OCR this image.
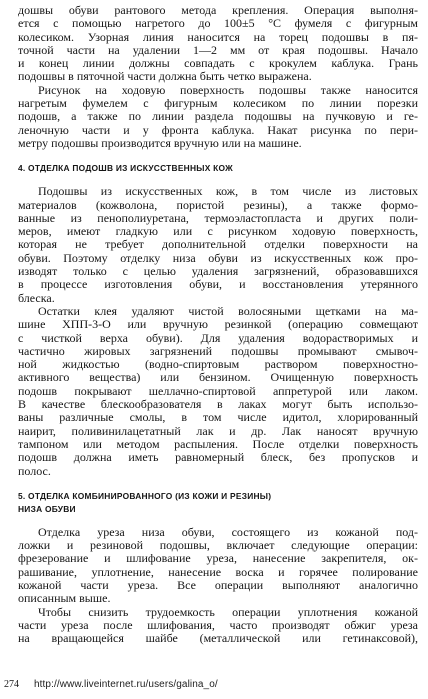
дошвы обуви рантового метода крепления. Операция выполня-
ется с помощью нагретого до 100±5 °С фумеля с фигурным
колесиком. Узорная линия наносится на торец подошвы в пя-
точной части на удалении 1—2 мм от края подошвы. Начало
и конец линии должны совпадать с крокулем каблука. Грань
подошвы в пяточной части должна быть четко выражена.
Рисунок на ходовую поверхность подошвы также наносится
нагретым фумелем с фигурным колесиком по линии порезки
подошв, а также по линии раздела подошвы на пучковую и ге-
леночную части и у фронта каблука. Накат рисунка по пери-
метру подошвы производится вручную или на машине.
4. ОТДЕЛКА ПОДОШВ ИЗ ИСКУССТВЕННЫХ КОЖ
Подошвы из искусственных кож, в том числе из листовых
материалов (кожволона, пористой резины), а также формо-
ванные из пенополиуретана, термоэластопласта и других поли-
меров, имеют гладкую или с рисунком ходовую поверхность,
которая не требует дополнительной отделки поверхности на
обуви. Поэтому отделку низа обуви из искусственных кож про-
изводят только с целью удаления загрязнений, образовавшихся
в процессе изготовления обуви, и восстановления утерянного
блеска.
Остатки клея удаляют чистой волосяными щетками на ма-
шине ХПП-3-О или вручную резинкой (операцию совмещают
с чисткой верха обуви). Для удаления водорастворимых и
частично жировых загрязнений подошвы промывают смывоч-
ной жидкостью (водно-спиртовым раствором поверхностно-
активного вещества) или бензином. Очищенную поверхность
подошв покрывают шеллачно-спиртовой аппретурой или лаком.
В качестве блескообразователя в лаках могут быть использо-
ваны различные смолы, в том числе идитол, хлорированный
наирит, поливинилацетатный лак и др. Лак наносят вручную
тампоном или методом распыления. После отделки поверхность
подошв должна иметь равномерный блеск, без пропусков и
полос.
5. ОТДЕЛКА КОМБИНИРОВАННОГО (ИЗ КОЖИ И РЕЗИНЫ)
НИЗА ОБУВИ
Отделка уреза низа обуви, состоящего из кожаной под-
ложки и резиновой подошвы, включает следующие операции:
фрезерование и шлифование уреза, нанесение закрепителя, ок-
рашивание, уплотнение, нанесение воска и горячее полирование
кожаной части уреза. Все операции выполняют аналогично
описанным выше.
Чтобы снизить трудоемкость операции уплотнения кожаной
части уреза после шлифования, часто производят обжиг уреза
на вращающейся шайбе (металлической или гетинаксовой),
274 http://www.liveinternet.ru/users/galina_o/
